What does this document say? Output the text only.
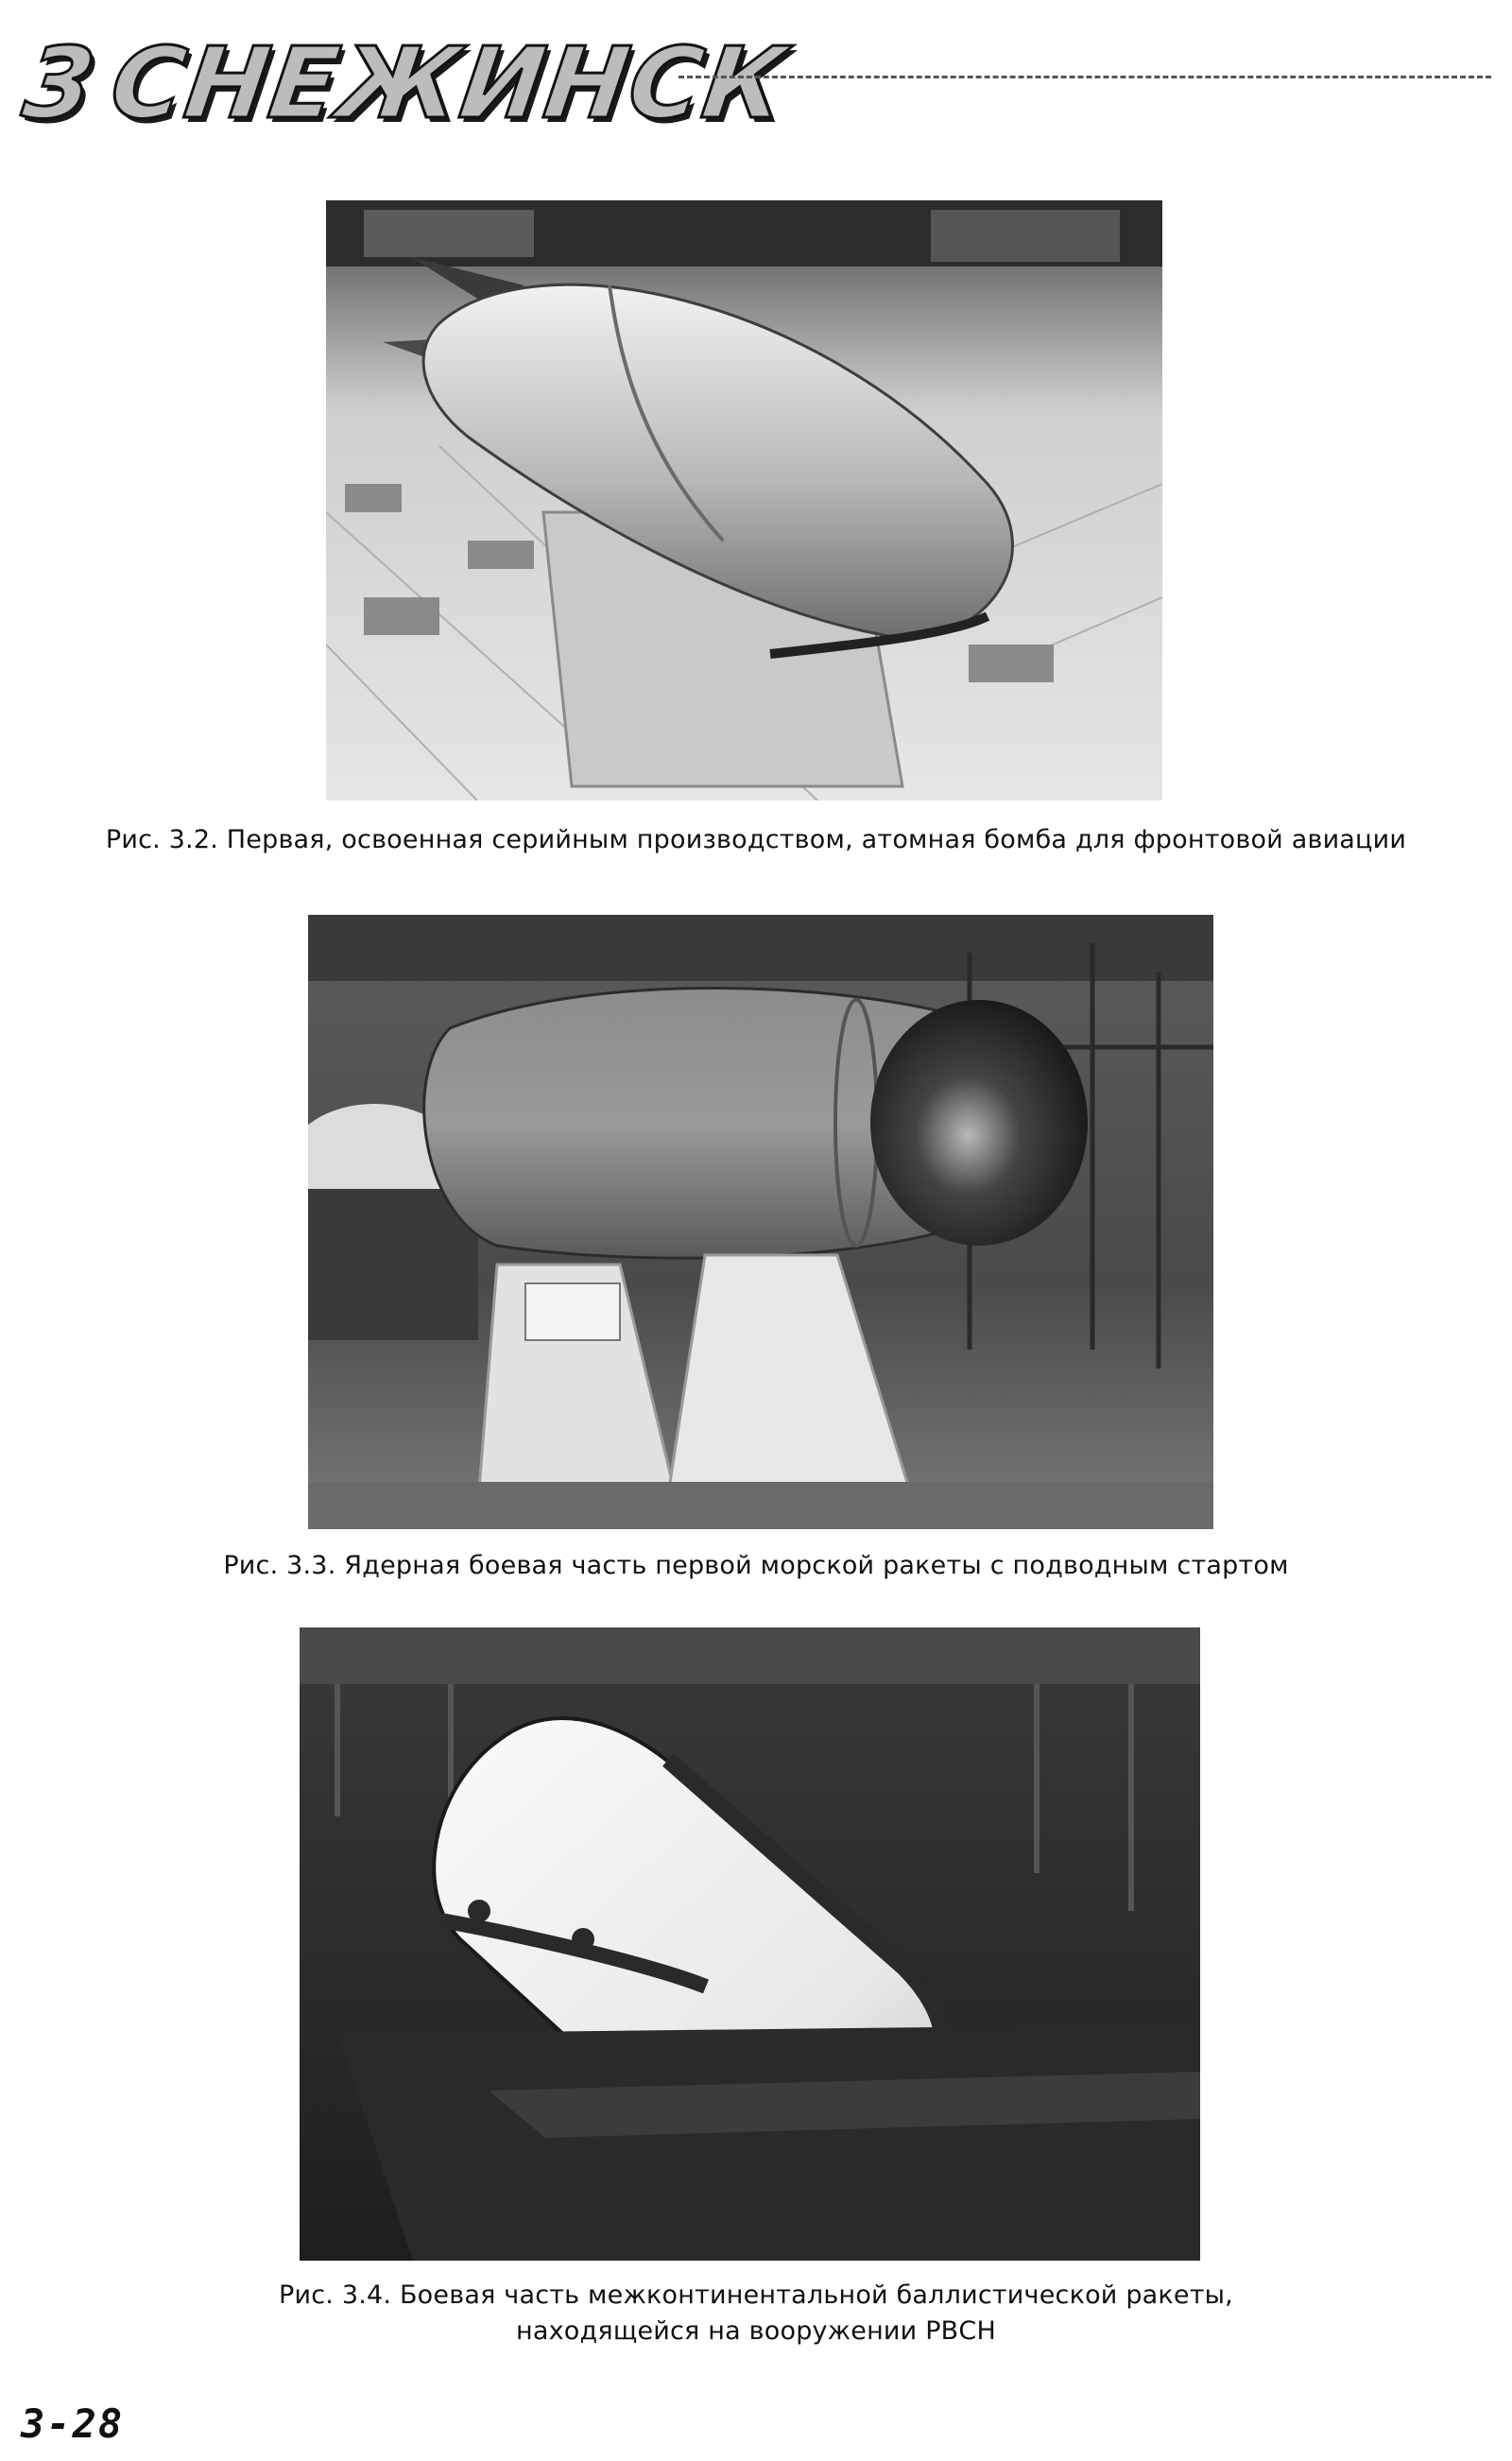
3 СНЕЖИНСК
Рис. 3.2. Первая, освоенная серийным производством, атомная бомба для фронтовой авиации
Рис. 3.3. Ядерная боевая часть первой морской ракеты с подводным стартом
Рис. 3.4. Боевая часть межконтинентальной баллистической ракеты,
находящейся на вооружении РВСН
3-28
